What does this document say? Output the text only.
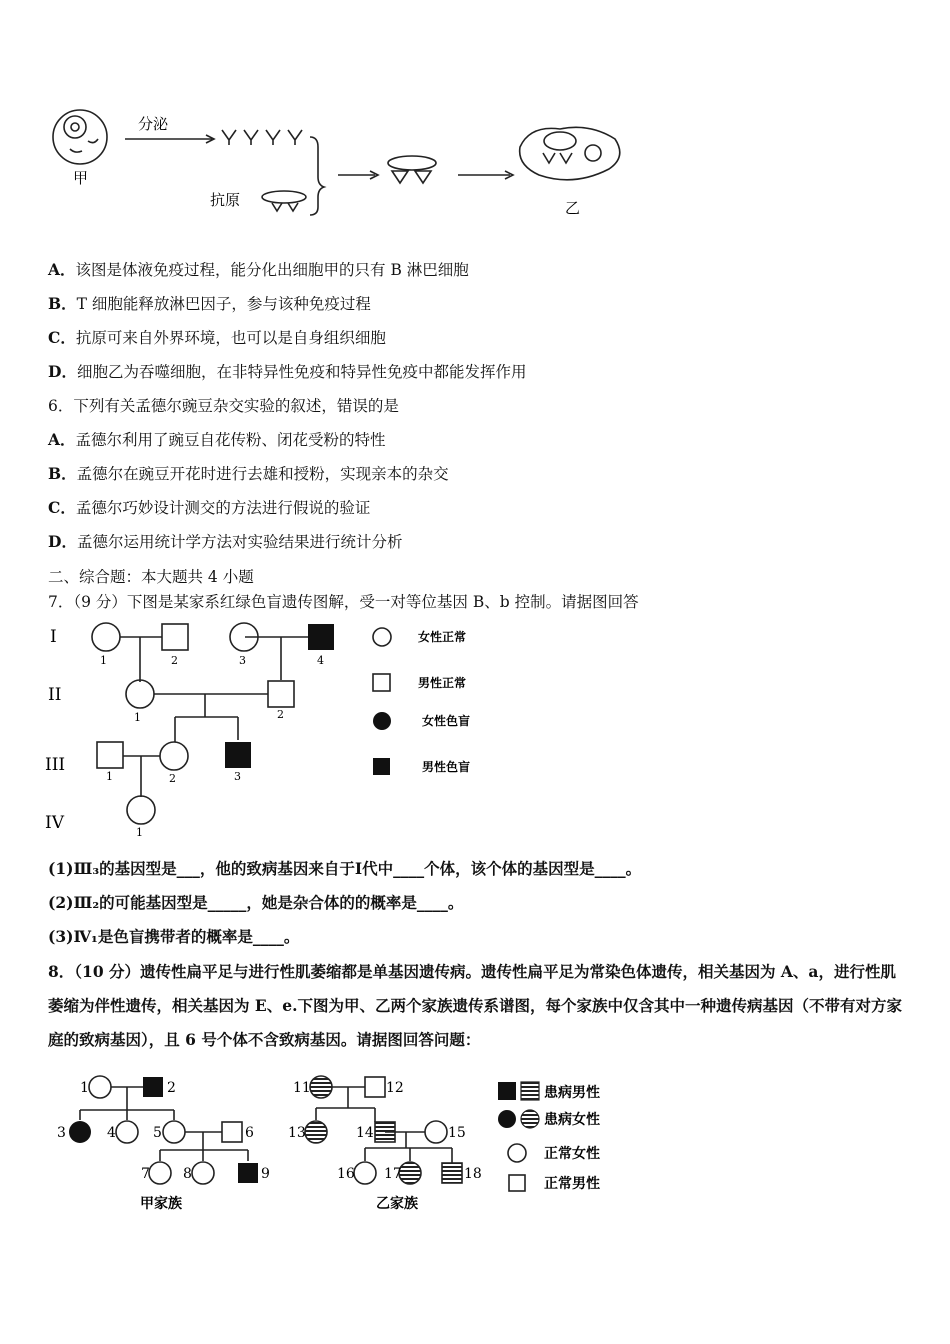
甲
分泌
抗原	乙
A．该图是体液免疫过程，能分化出细胞甲的只有 B 淋巴细胞
B．T 细胞能释放淋巴因子，参与该种免疫过程
C．抗原可来自外界环境，也可以是自身组织细胞
D．细胞乙为吞噬细胞，在非特异性免疫和特异性免疫中都能发挥作用
6．下列有关孟德尔豌豆杂交实验的叙述，错误的是
A．孟德尔利用了豌豆自花传粉、闭花受粉的特性
B．孟德尔在豌豆开花时进行去雄和授粉，实现亲本的杂交
C．孟德尔巧妙设计测交的方法进行假说的验证
D．孟德尔运用统计学方法对实验结果进行统计分析
二、综合题：本大题共 4 小题
7．（9 分）下图是某家系红绿色盲遗传图解，受一对等位基因 B、b 控制。请据图回答
I
II
III
IV
1	2	3	4
1	2
1	2	3
1
女性正常
男性正常
女性色盲
男性色盲
(1)Ⅲ₃的基因型是___，他的致病基因来自于Ⅰ代中____个体，该个体的基因型是____。
(2)Ⅲ₂的可能基因型是_____，她是杂合体的的概率是____。
(3)Ⅳ₁是色盲携带者的概率是____。
8．（10 分）遗传性扁平足与进行性肌萎缩都是单基因遗传病。遗传性扁平足为常染色体遗传，相关基因为 A、a，进行性肌萎缩为伴性遗传，相关基因为 E、e.下图为甲、乙两个家族遗传系谱图，每个家族中仅含其中一种遗传病基因（不带有对方家庭的致病基因），且 6 号个体不含致病基因。请据图回答问题：
1	2
3	4	5	6
7 8	9
甲家族
11	12
13	14	15
16 17	18
乙家族
患病男性
患病女性
正常女性
正常男性
